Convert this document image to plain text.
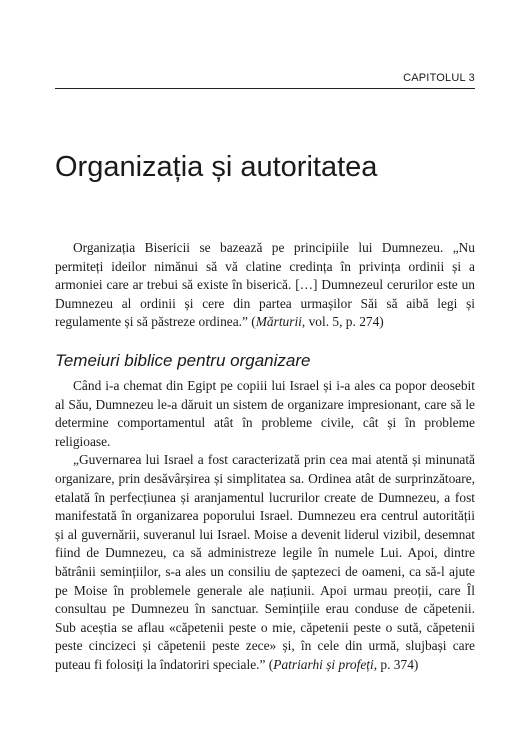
CAPITOLUL 3
Organizația și autoritatea

Organizația Bisericii se bazează pe principiile lui Dumnezeu. „Nu permiteți ideilor nimănui să vă clatine credința în privința ordinii și a armoniei care ar trebui să existe în biserică. […] Dumnezeul cerurilor este un Dumnezeu al ordinii și cere din partea urmașilor Săi să aibă legi și regulamente și să păstreze ordinea.” (Mărturii, vol. 5, p. 274)

Temeiuri biblice pentru organizare

Când i-a chemat din Egipt pe copiii lui Israel și i-a ales ca popor deosebit al Său, Dumnezeu le-a dăruit un sistem de organizare impresionant, care să le determine comportamentul atât în probleme civile, cât și în probleme religioase.

„Guvernarea lui Israel a fost caracterizată prin cea mai atentă și minunată organizare, prin desăvârșirea și simplitatea sa. Ordinea atât de surprinzătoare, etalată în perfecțiunea și aranjamentul lucrurilor create de Dumnezeu, a fost manifestată în organizarea poporului Israel. Dumnezeu era centrul autorității și al guvernării, suveranul lui Israel. Moise a devenit liderul vizibil, desemnat fiind de Dumnezeu, ca să administreze legile în numele Lui. Apoi, dintre bătrânii semințiilor, s-a ales un consiliu de șaptezeci de oameni, ca să-l ajute pe Moise în problemele generale ale națiunii. Apoi urmau preoții, care Îl consultau pe Dumnezeu în sanctuar. Semințiile erau conduse de căpetenii. Sub aceștia se aflau «căpetenii peste o mie, căpetenii peste o sută, căpetenii peste cincizeci și căpetenii peste zece» și, în cele din urmă, slujbași care puteau fi folosiți la îndatoriri speciale.” (Patriarhi și profeți, p. 374)
